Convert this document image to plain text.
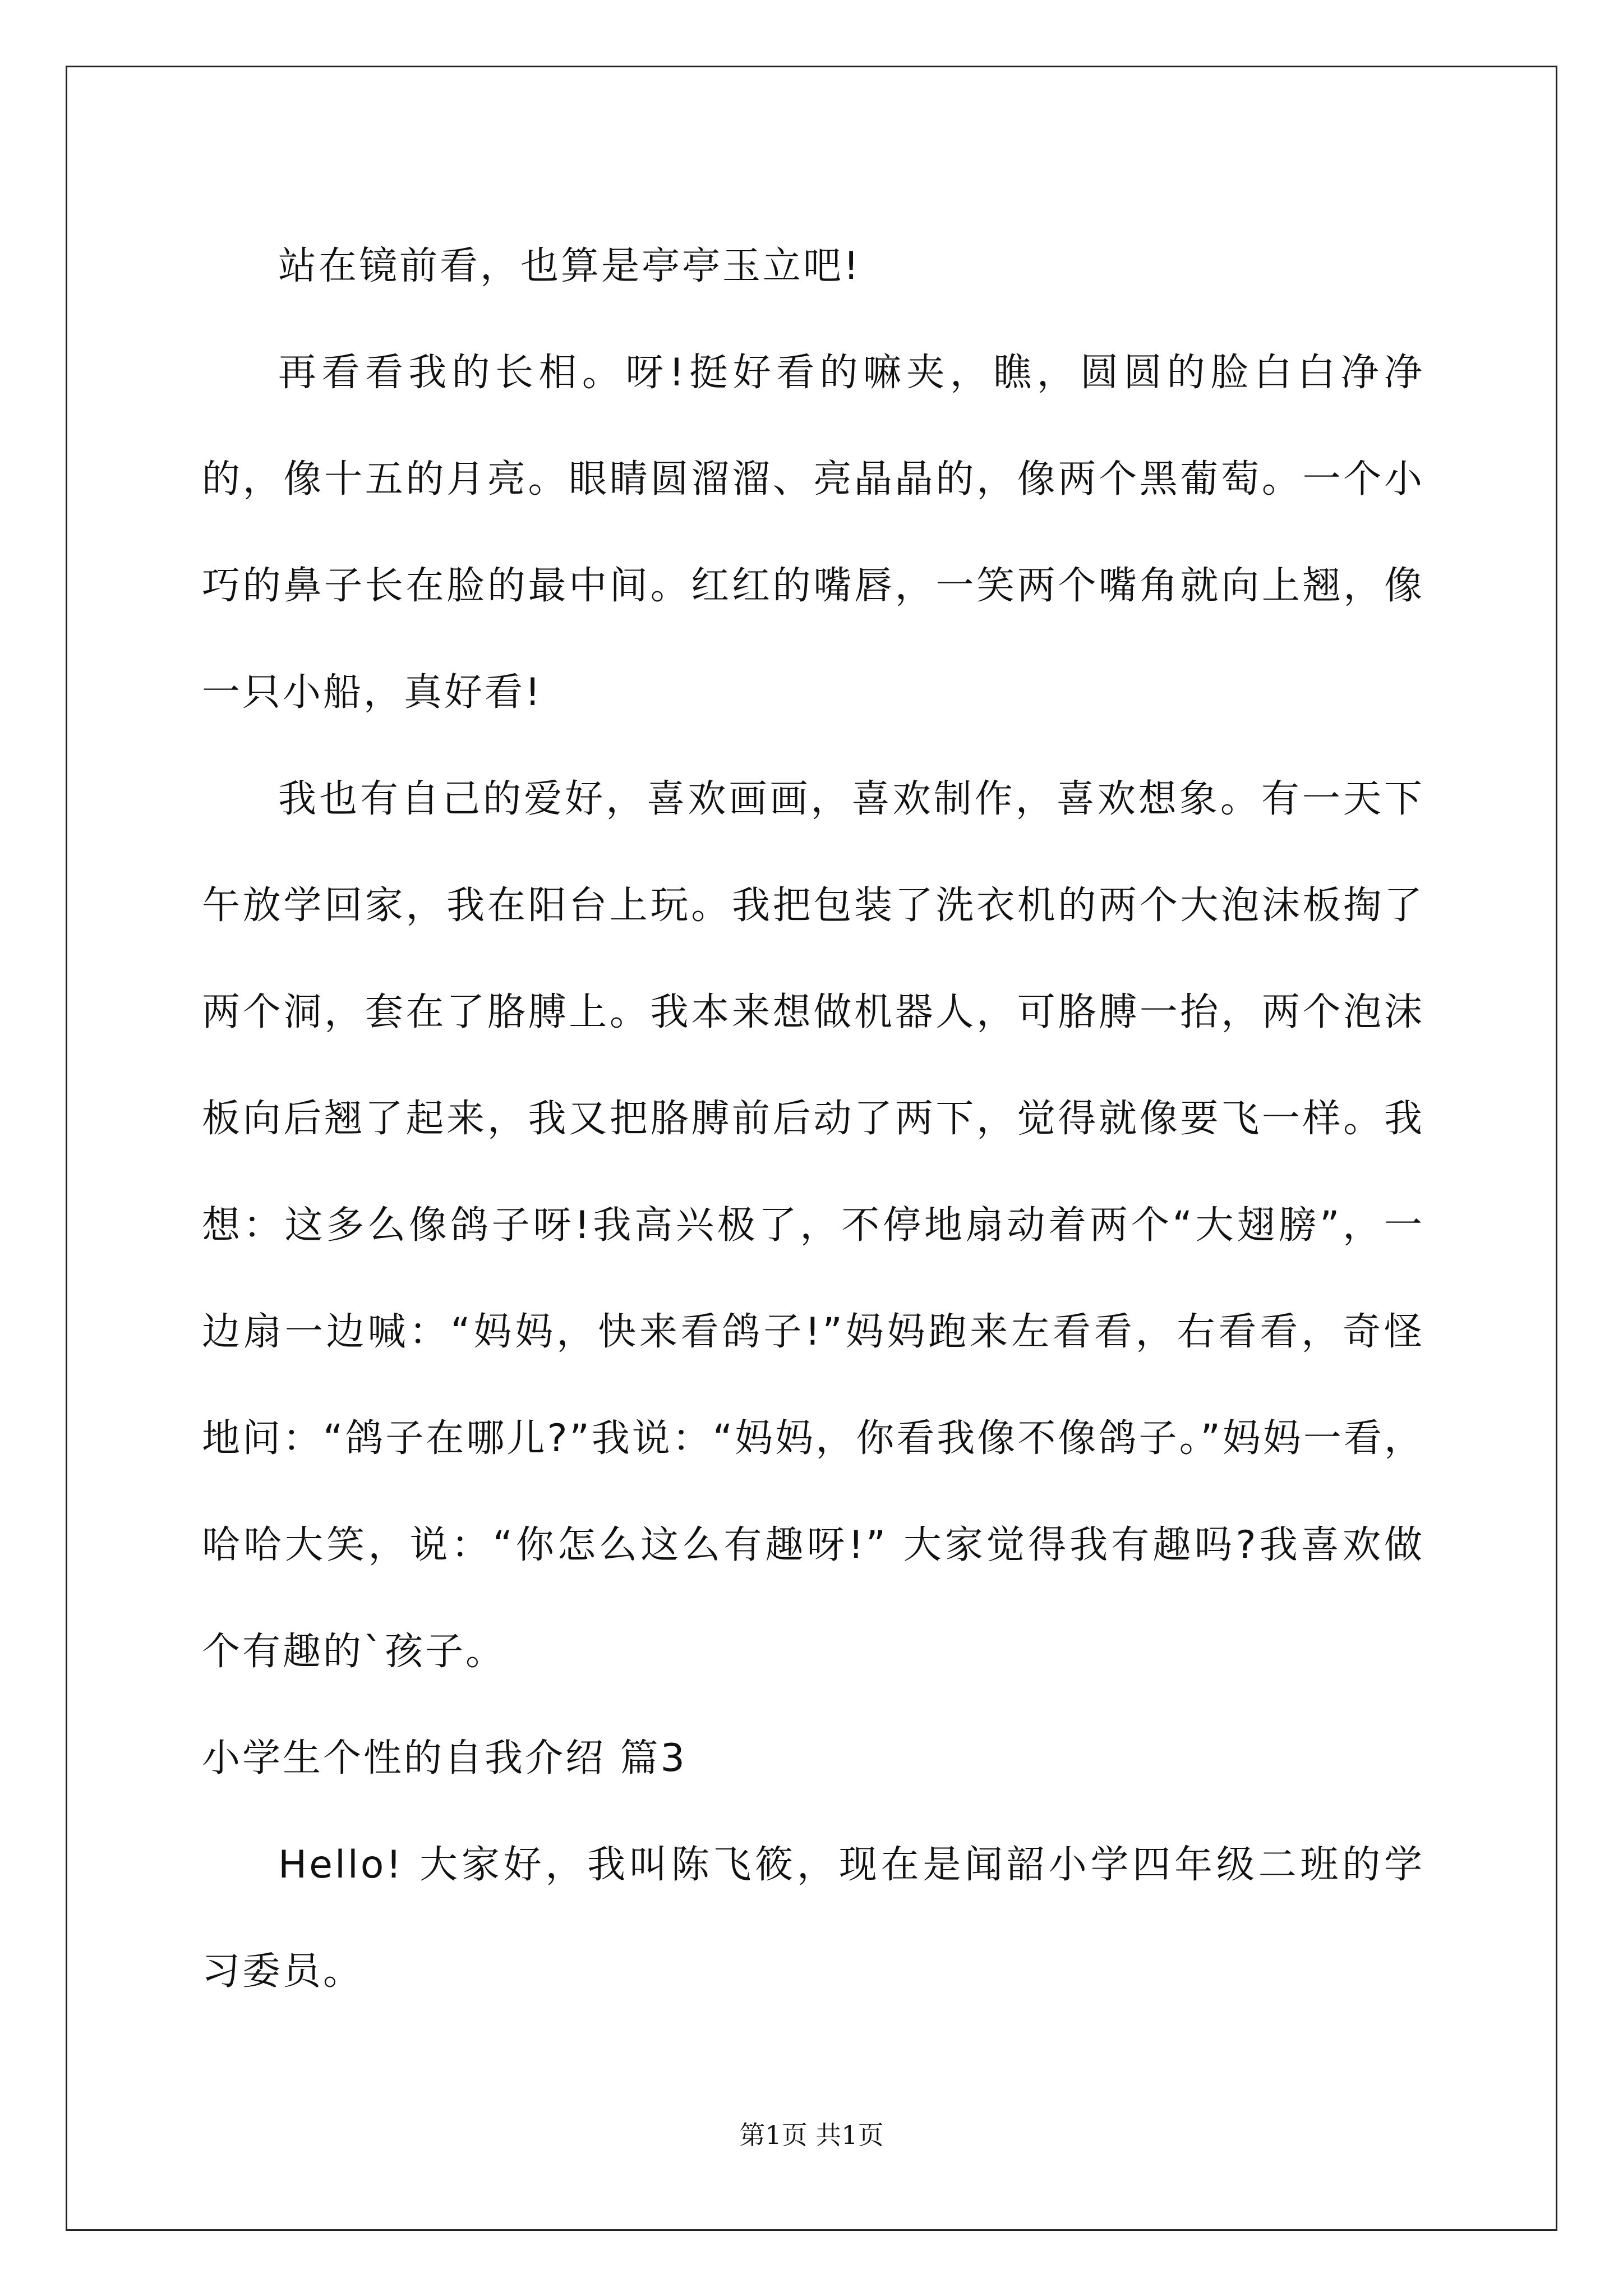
站在镜前看，也算是亭亭玉立吧!

再看看我的长相。呀!挺好看的嘛夹，瞧，圆圆的脸白白净净的，像十五的月亮。眼睛圆溜溜、亮晶晶的，像两个黑葡萄。一个小巧的鼻子长在脸的最中间。红红的嘴唇，一笑两个嘴角就向上翘，像一只小船，真好看!

我也有自己的爱好，喜欢画画，喜欢制作，喜欢想象。有一天下午放学回家，我在阳台上玩。我把包装了洗衣机的两个大泡沫板掏了两个洞，套在了胳膊上。我本来想做机器人，可胳膊一抬，两个泡沫板向后翘了起来，我又把胳膊前后动了两下，觉得就像要飞一样。我想：这多么像鸽子呀!我高兴极了，不停地扇动着两个“大翅膀”，一边扇一边喊：“妈妈，快来看鸽子!”妈妈跑来左看看，右看看，奇怪地问：“鸽子在哪儿?”我说：“妈妈，你看我像不像鸽子。”妈妈一看，哈哈大笑，说：“你怎么这么有趣呀!” 大家觉得我有趣吗?我喜欢做个有趣的`孩子。

小学生个性的自我介绍 篇3

Hello! 大家好，我叫陈飞筱，现在是闻韶小学四年级二班的学习委员。

第1页 共1页
